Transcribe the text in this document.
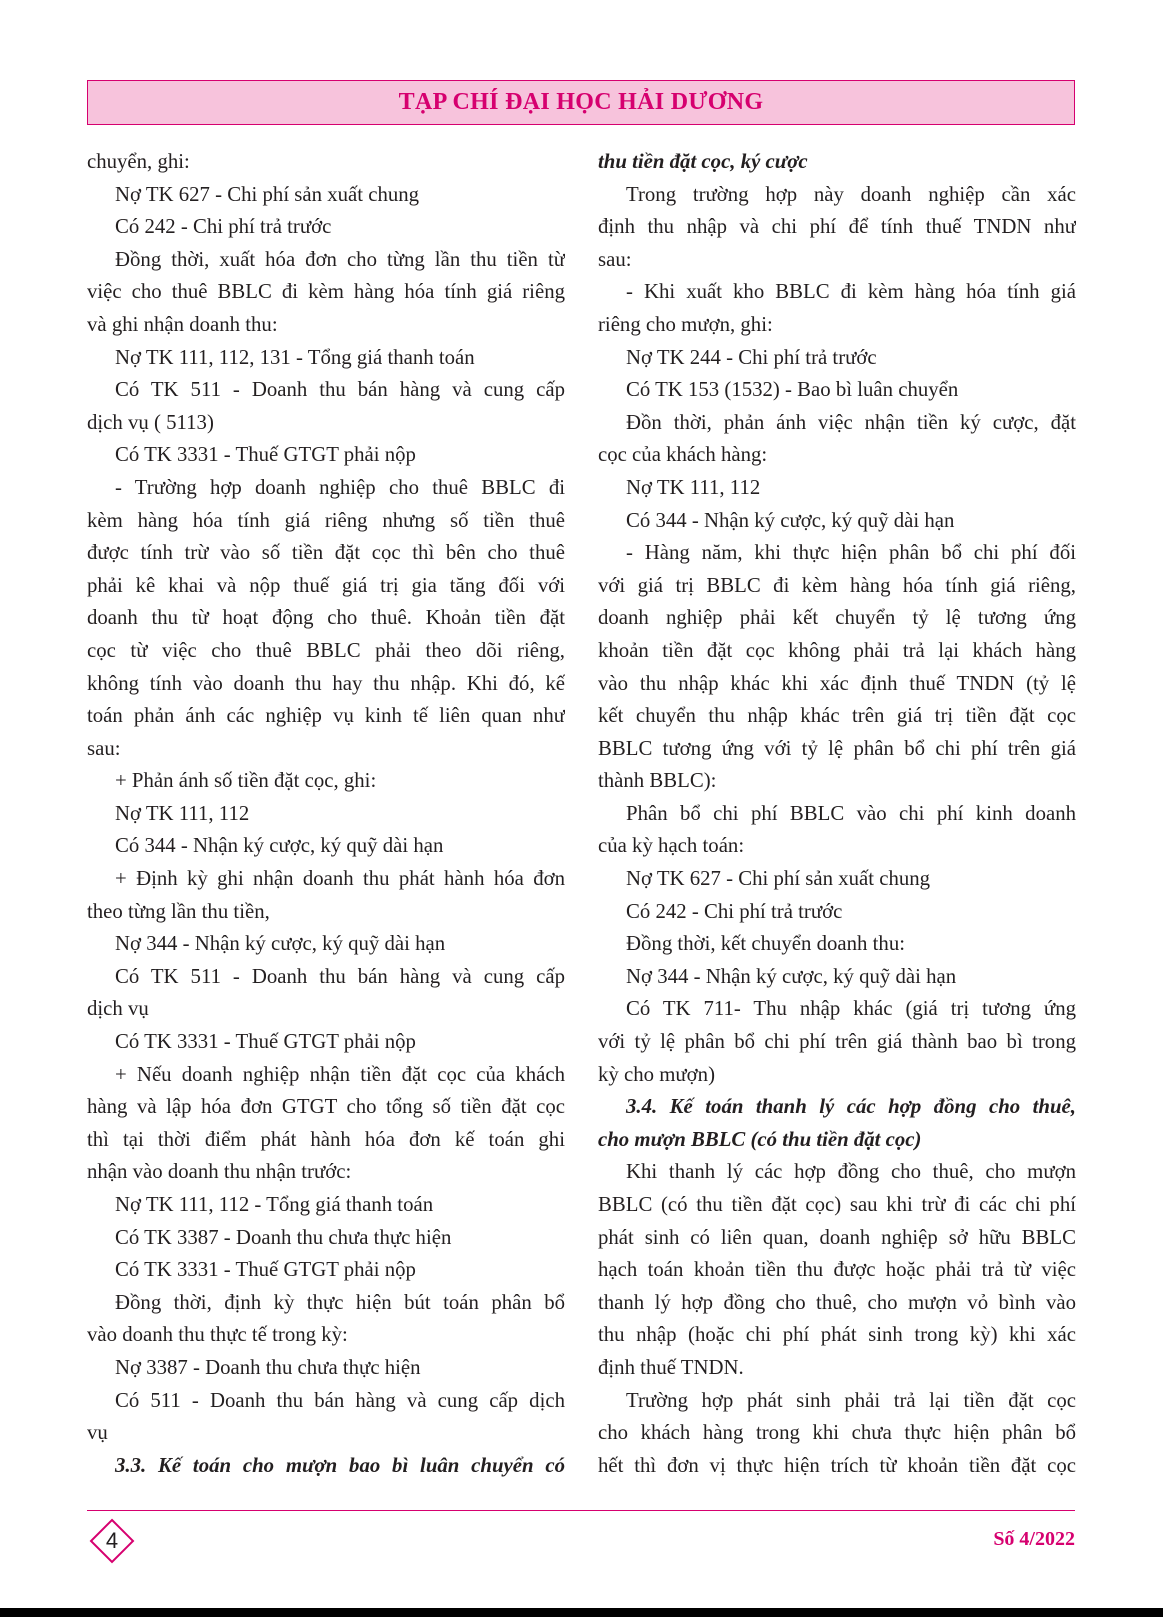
TẠP CHÍ ĐẠI HỌC HẢI DƯƠNG
chuyển, ghi:
Nợ TK 627 - Chi phí sản xuất chung
Có 242 - Chi phí trả trước
Đồng thời, xuất hóa đơn cho từng lần thu tiền từ
việc cho thuê BBLC đi kèm hàng hóa tính giá riêng
và ghi nhận doanh thu:
Nợ TK 111, 112, 131 - Tổng giá thanh toán
Có TK 511 - Doanh thu bán hàng và cung cấp
dịch vụ ( 5113)
Có TK 3331 - Thuế GTGT phải nộp
- Trường hợp doanh nghiệp cho thuê BBLC đi
kèm hàng hóa tính giá riêng nhưng số tiền thuê
được tính trừ vào số tiền đặt cọc thì bên cho thuê
phải kê khai và nộp thuế giá trị gia tăng đối với
doanh thu từ hoạt động cho thuê. Khoản tiền đặt
cọc từ việc cho thuê BBLC phải theo dõi riêng,
không tính vào doanh thu hay thu nhập. Khi đó, kế
toán phản ánh các nghiệp vụ kinh tế liên quan như
sau:
+ Phản ánh số tiền đặt cọc, ghi:
Nợ TK 111, 112
Có 344 - Nhận ký cược, ký quỹ dài hạn
+ Định kỳ ghi nhận doanh thu phát hành hóa đơn
theo từng lần thu tiền,
Nợ 344 - Nhận ký cược, ký quỹ dài hạn
Có TK 511 - Doanh thu bán hàng và cung cấp
dịch vụ
Có TK 3331 - Thuế GTGT phải nộp
+ Nếu doanh nghiệp nhận tiền đặt cọc của khách
hàng và lập hóa đơn GTGT cho tổng số tiền đặt cọc
thì tại thời điểm phát hành hóa đơn kế toán ghi
nhận vào doanh thu nhận trước:
Nợ TK 111, 112 - Tổng giá thanh toán
Có TK 3387 - Doanh thu chưa thực hiện
Có TK 3331 - Thuế GTGT phải nộp
Đồng thời, định kỳ thực hiện bút toán phân bổ
vào doanh thu thực tế trong kỳ:
Nợ 3387 - Doanh thu chưa thực hiện
Có 511 - Doanh thu bán hàng và cung cấp dịch
vụ
3.3. Kế toán cho mượn bao bì luân chuyển có
thu tiền đặt cọc, ký cược
Trong trường hợp này doanh nghiệp cần xác
định thu nhập và chi phí để tính thuế TNDN như
sau:
- Khi xuất kho BBLC đi kèm hàng hóa tính giá
riêng cho mượn, ghi:
Nợ TK 244 - Chi phí trả trước
Có TK 153 (1532) - Bao bì luân chuyển
Đồn thời, phản ánh việc nhận tiền ký cược, đặt
cọc của khách hàng:
Nợ TK 111, 112
Có 344 - Nhận ký cược, ký quỹ dài hạn
- Hàng năm, khi thực hiện phân bổ chi phí đối
với giá trị BBLC đi kèm hàng hóa tính giá riêng,
doanh nghiệp phải kết chuyển tỷ lệ tương ứng
khoản tiền đặt cọc không phải trả lại khách hàng
vào thu nhập khác khi xác định thuế TNDN (tỷ lệ
kết chuyển thu nhập khác trên giá trị tiền đặt cọc
BBLC tương ứng với tỷ lệ phân bổ chi phí trên giá
thành BBLC):
Phân bổ chi phí BBLC vào chi phí kinh doanh
của kỳ hạch toán:
Nợ TK 627 - Chi phí sản xuất chung
Có 242 - Chi phí trả trước
Đồng thời, kết chuyển doanh thu:
Nợ 344 - Nhận ký cược, ký quỹ dài hạn
Có TK 711- Thu nhập khác (giá trị tương ứng
với tỷ lệ phân bổ chi phí trên giá thành bao bì trong
kỳ cho mượn)
3.4. Kế toán thanh lý các hợp đồng cho thuê,
cho mượn BBLC (có thu tiền đặt cọc)
Khi thanh lý các hợp đồng cho thuê, cho mượn
BBLC (có thu tiền đặt cọc) sau khi trừ đi các chi phí
phát sinh có liên quan, doanh nghiệp sở hữu BBLC
hạch toán khoản tiền thu được hoặc phải trả từ việc
thanh lý hợp đồng cho thuê, cho mượn vỏ bình vào
thu nhập (hoặc chi phí phát sinh trong kỳ) khi xác
định thuế TNDN.
Trường hợp phát sinh phải trả lại tiền đặt cọc
cho khách hàng trong khi chưa thực hiện phân bổ
hết thì đơn vị thực hiện trích từ khoản tiền đặt cọc
4	Số 4/2022
